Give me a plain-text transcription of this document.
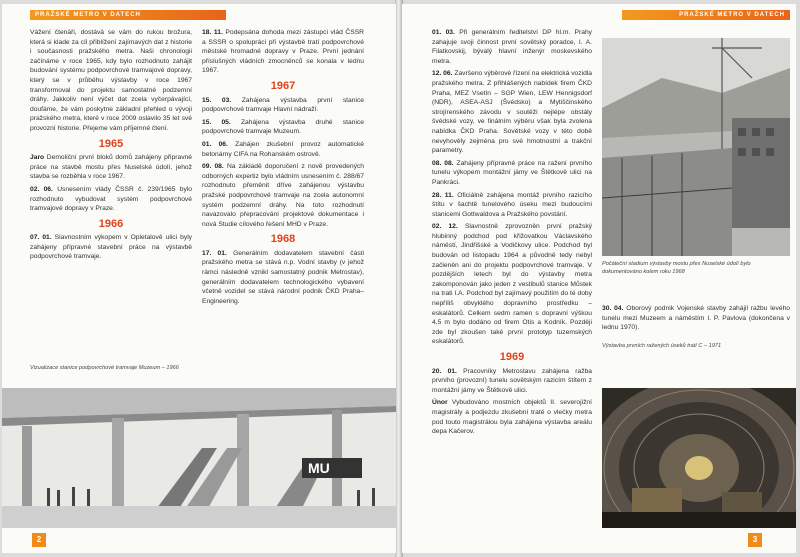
PRAŽSKÉ METRO V DATECH

Vážení čtenáři, dostává se vám do rukou brožura, která si klade za cíl přiblížení zajímavých dat z historie i současnosti pražského metra. Naši chronologii začínáme v roce 1965, kdy bylo rozhodnuto zahájit budování systému podpovrchové tramvajové dopravy, který se v průběhu výstavby v roce 1967 transformoval do projektu samostatné podzemní dráhy. Jakkoliv není výčet dat zcela vyčerpávající, doufáme, že vám poskytne základní přehled o vývoji pražského metra, které v roce 2009 oslavilo 35 let své provozní historie. Přejeme vám příjemné čtení.

1965

Jaro Demoliční první bloků domů zahájeny připravné práce na stavbě mostu přes Nuselské údolí, jehož stavba se rozběhla v roce 1967.

02. 06. Usnesením vlády ČSSR č. 239/1965 bylo rozhodnuto vybudovat systém podpovrchové tramvajové dopravy v Praze.

1966

07. 01. Slavnostním výkopem v Opletalově ulici byly zahájeny přípravné stavební práce na výstavbě podpovrchové tramvaje.

18. 11. Podepsána dohoda mezi zástupci vlád ČSSR a SSSR o spolupráci při výstavbě tratí podpovrchové městské hromadné dopravy v Praze. První jednání příslušných vládních zmocněnců se konala v lednu 1967.

1967

15. 03. Zahájena výstavba první stanice podpovrchové tramvaje Hlavní nádraží.

15. 05. Zahájena výstavba druhé stanice podpovrchové tramvaje Muzeum.

01. 06. Zahájen zkušební provoz automatické betonárny CIFA na Rohanském ostrově.

09. 08. Na základě doporučení z nově provedených odborných expertiz bylo vládním usnesením č. 288/67 rozhodnuto přeměnit dříve zahájenou výstavbu pražské podpovrchové tramvaje na zcela autonomní systém podzemní dráhy. Na toto rozhodnutí navazovalo přepracování projektové dokumentace i nová Studie cílového řešení MHD v Praze.

1968

17. 01. Generálním dodavatelem stavební části pražského metra se stává n.p. Vodní stavby (v jehož rámci následně vznikl samostatný podnik Metrostav), generálním dodavatelem technologického vybavení včetně vozidel se stává národní podnik ČKD Praha–Engineering.

Vizualizace stanice podpovrchové tramvaje Muzeum – 1966
MU
2
PRAŽSKÉ METRO V DATECH

01. 03. Při generálním ředitelství DP hl.m. Prahy zahajuje svoji činnost první sovětský poradce, I. A. Filatkovskij, bývalý hlavní inženýr moskevského metra.

12. 06. Završeno výběrové řízení na elektrická vozidla pražského metra. Z přihlášených nabídek firem ČKD Praha, MEZ Vsetín – SGP Wien, LEW Hennigsdorf (NDR), ASEA-ASJ (Švédsko) a Mytiščinského strojírenského závodu v soutěži nejlépe obstály švédské vozy, ve finálním výběru však byla zvolena nabídka ČKD Praha. Sovětské vozy v této době nevyhověly zejména pro své hmotnostní a trakční parametry.

08. 08. Zahájeny přípravné práce na ražení prvního tunelu výkopem montážní jámy ve Štětkově ulici na Pankráci.

28. 11. Oficiálně zahájena montáž prvního razicího štítu v šachtě tunelového úseku mezi budoucími stanicemi Gottwaldova a Pražského povstání.

02. 12. Slavnostně zprovozněn první pražský hlubinný podchod pod křižovatkou Václavského náměstí, Jindřišské a Vodičkovy ulice. Podchod byl budován od listopadu 1964 a původně tedy nebyl začleněn ani do projektu podpovrchové tramvaje. V pozdějších letech byl do výstavby metra zakomponován jako jeden z vestibulů stanice Můstek na trati I.A. Podchod byl zajímavý použitím do té doby nepříliš obvyklého dopravního prostředku – eskalátorů. Celkem sedm ramen s dopravní výškou 4,5 m bylo dodáno od firem Otis a Kodník. Později zde byl zkoušen také první prototyp tuzemských eskalátorů.

1969

20. 01. Pracovníky Metrostavu zahájena ražba prvního (provozní) tunelu sovětským razicím štítem z montážní jámy ve Štětkově ulici.

Únor Vybudováno mostních objektů II. severojižní magistrály a podjezdu zkušební tratě o vlečky metra pod touto magistrálou byla zahájena výstavba areálu depa Kačerov.

Počáteční stadium výstavby mostu přes Nuselské údolí bylo dokumentováno kolem roku 1968

30. 04. Oborový podnik Vojenské stavby zahájil ražbu levého tunelu mezi Muzeem a náměstím I. P. Pavlova (dokončena v lednu 1970).

Výstavba prvních ražených úseků tratí C – 1971
3
